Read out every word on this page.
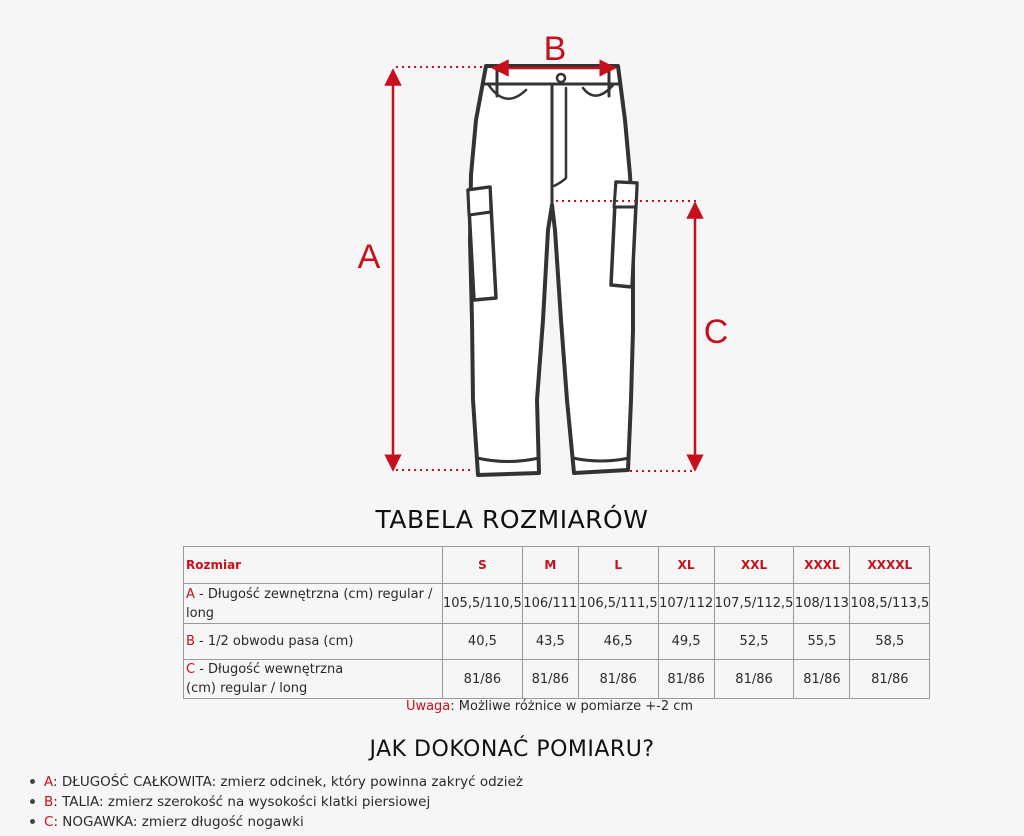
B
A
C
TABELA ROZMIARÓW
Rozmiar	S	M	L	XL	XXL	XXXL	XXXXL
A - Długość zewnętrzna (cm) regular / long	105,5/110,5	106/111	106,5/111,5	107/112	107,5/112,5	108/113	108,5/113,5
B - 1/2 obwodu pasa (cm)	40,5	43,5	46,5	49,5	52,5	55,5	58,5
C - Długość wewnętrzna (cm) regular / long	81/86	81/86	81/86	81/86	81/86	81/86	81/86
Uwaga: Możliwe różnice w pomiarze +-2 cm
JAK DOKONAĆ POMIARU?
A: DŁUGOŚĆ CAŁKOWITA: zmierz odcinek, który powinna zakryć odzież
B: TALIA: zmierz szerokość na wysokości klatki piersiowej
C: NOGAWKA: zmierz długość nogawki
